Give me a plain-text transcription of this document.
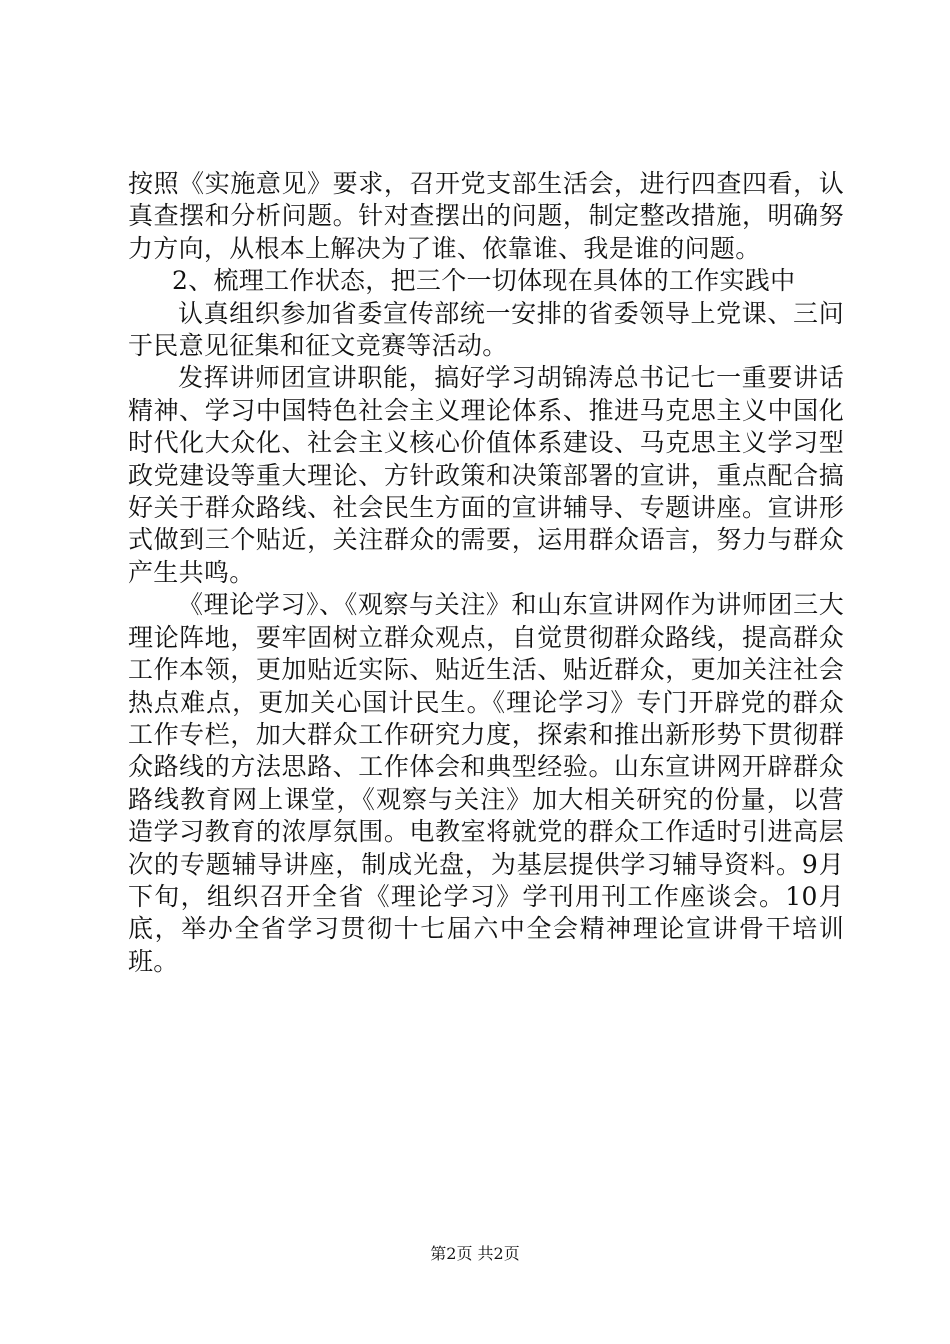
按照《实施意见》要求，召开党支部生活会，进行四查四看，认真查摆和分析问题。针对查摆出的问题，制定整改措施，明确努力方向，从根本上解决为了谁、依靠谁、我是谁的问题。

2、梳理工作状态，把三个一切体现在具体的工作实践中

认真组织参加省委宣传部统一安排的省委领导上党课、三问于民意见征集和征文竞赛等活动。

发挥讲师团宣讲职能，搞好学习胡锦涛总书记七一重要讲话精神、学习中国特色社会主义理论体系、推进马克思主义中国化时代化大众化、社会主义核心价值体系建设、马克思主义学习型政党建设等重大理论、方针政策和决策部署的宣讲，重点配合搞好关于群众路线、社会民生方面的宣讲辅导、专题讲座。宣讲形式做到三个贴近，关注群众的需要，运用群众语言，努力与群众产生共鸣。

《理论学习》、《观察与关注》和山东宣讲网作为讲师团三大理论阵地，要牢固树立群众观点，自觉贯彻群众路线，提高群众工作本领，更加贴近实际、贴近生活、贴近群众，更加关注社会热点难点，更加关心国计民生。《理论学习》专门开辟党的群众工作专栏，加大群众工作研究力度，探索和推出新形势下贯彻群众路线的方法思路、工作体会和典型经验。山东宣讲网开辟群众路线教育网上课堂，《观察与关注》加大相关研究的份量，以营造学习教育的浓厚氛围。电教室将就党的群众工作适时引进高层次的专题辅导讲座，制成光盘，为基层提供学习辅导资料。9月下旬，组织召开全省《理论学习》学刊用刊工作座谈会。10月底，举办全省学习贯彻十七届六中全会精神理论宣讲骨干培训班。

第2页 共2页
